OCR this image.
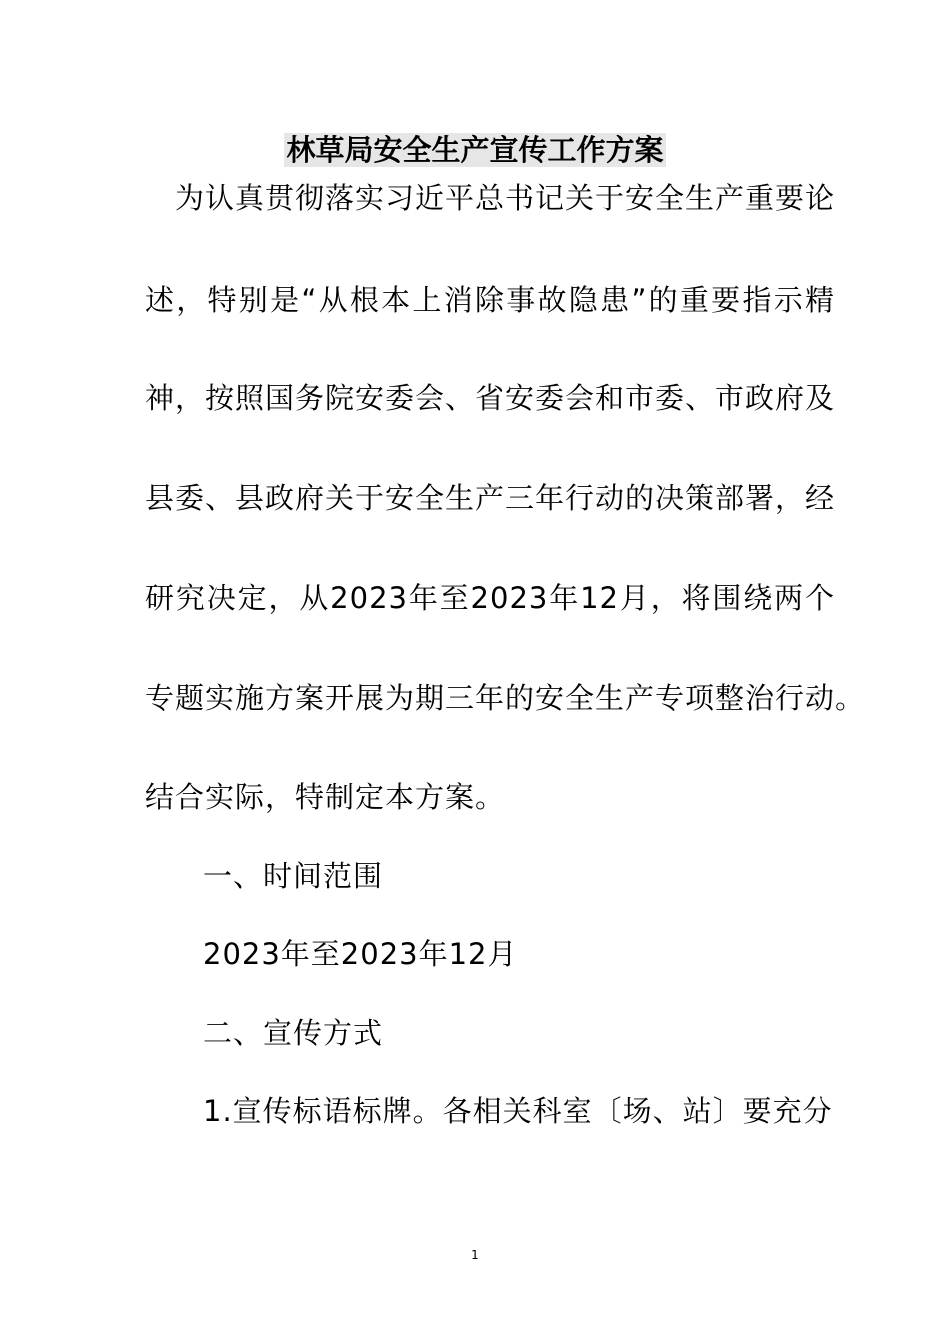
林草局安全生产宣传工作方案
为认真贯彻落实习近平总书记关于安全生产重要论
述，特别是“从根本上消除事故隐患”的重要指示精
神，按照国务院安委会、省安委会和市委、市政府及
县委、县政府关于安全生产三年行动的决策部署，经
研究决定，从2023年至2023年12月，将围绕两个
专题实施方案开展为期三年的安全生产专项整治行动。
结合实际，特制定本方案。
一、时间范围
2023年至2023年12月
二、宣传方式
1.宣传标语标牌。各相关科室〔场、站〕要充分
1
